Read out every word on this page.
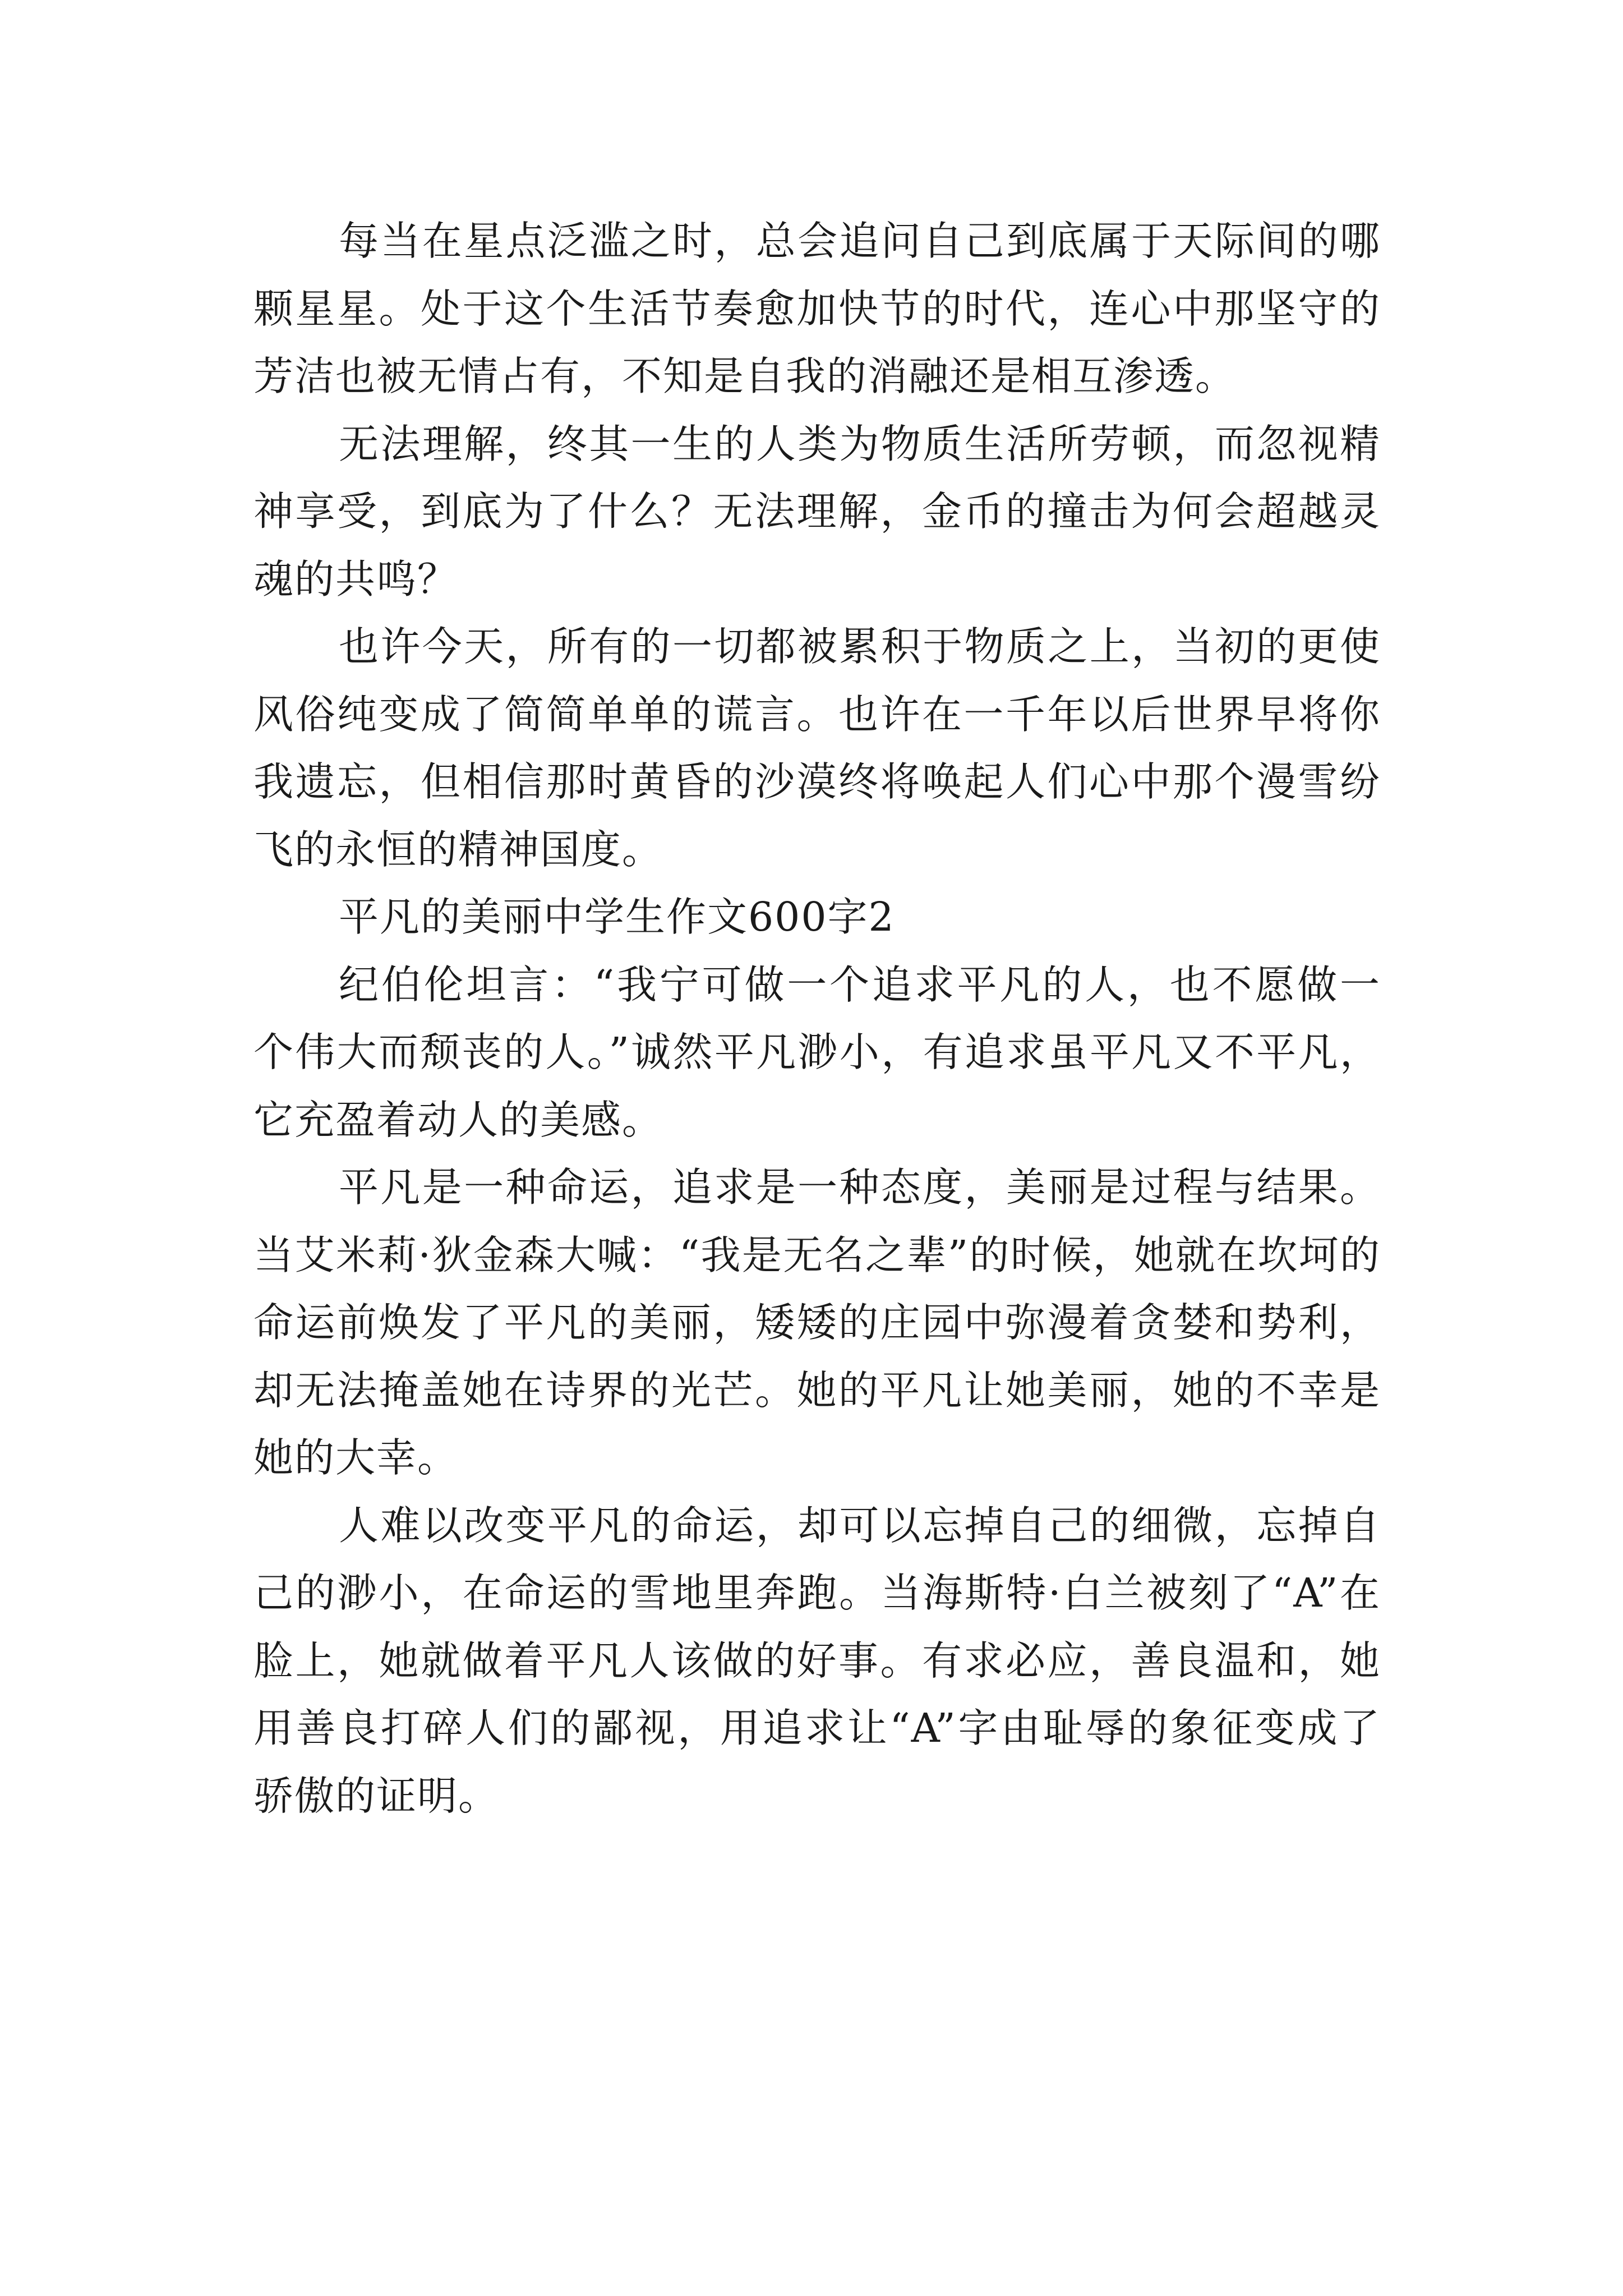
每当在星点泛滥之时，总会追问自己到底属于天际间的哪颗星星。处于这个生活节奏愈加快节的时代，连心中那坚守的芳洁也被无情占有，不知是自我的消融还是相互渗透。

无法理解，终其一生的人类为物质生活所劳顿，而忽视精神享受，到底为了什么？无法理解，金币的撞击为何会超越灵魂的共鸣？

也许今天，所有的一切都被累积于物质之上，当初的更使风俗纯变成了简简单单的谎言。也许在一千年以后世界早将你我遗忘，但相信那时黄昏的沙漠终将唤起人们心中那个漫雪纷飞的永恒的精神国度。

平凡的美丽中学生作文600字2

纪伯伦坦言：“我宁可做一个追求平凡的人，也不愿做一个伟大而颓丧的人。”诚然平凡渺小，有追求虽平凡又不平凡，它充盈着动人的美感。

平凡是一种命运，追求是一种态度，美丽是过程与结果。当艾米莉·狄金森大喊：“我是无名之辈”的时候，她就在坎坷的命运前焕发了平凡的美丽，矮矮的庄园中弥漫着贪婪和势利，却无法掩盖她在诗界的光芒。她的平凡让她美丽，她的不幸是她的大幸。

人难以改变平凡的命运，却可以忘掉自己的细微，忘掉自己的渺小，在命运的雪地里奔跑。当海斯特·白兰被刻了“A”在脸上，她就做着平凡人该做的好事。有求必应，善良温和，她用善良打碎人们的鄙视，用追求让“A”字由耻辱的象征变成了骄傲的证明。
